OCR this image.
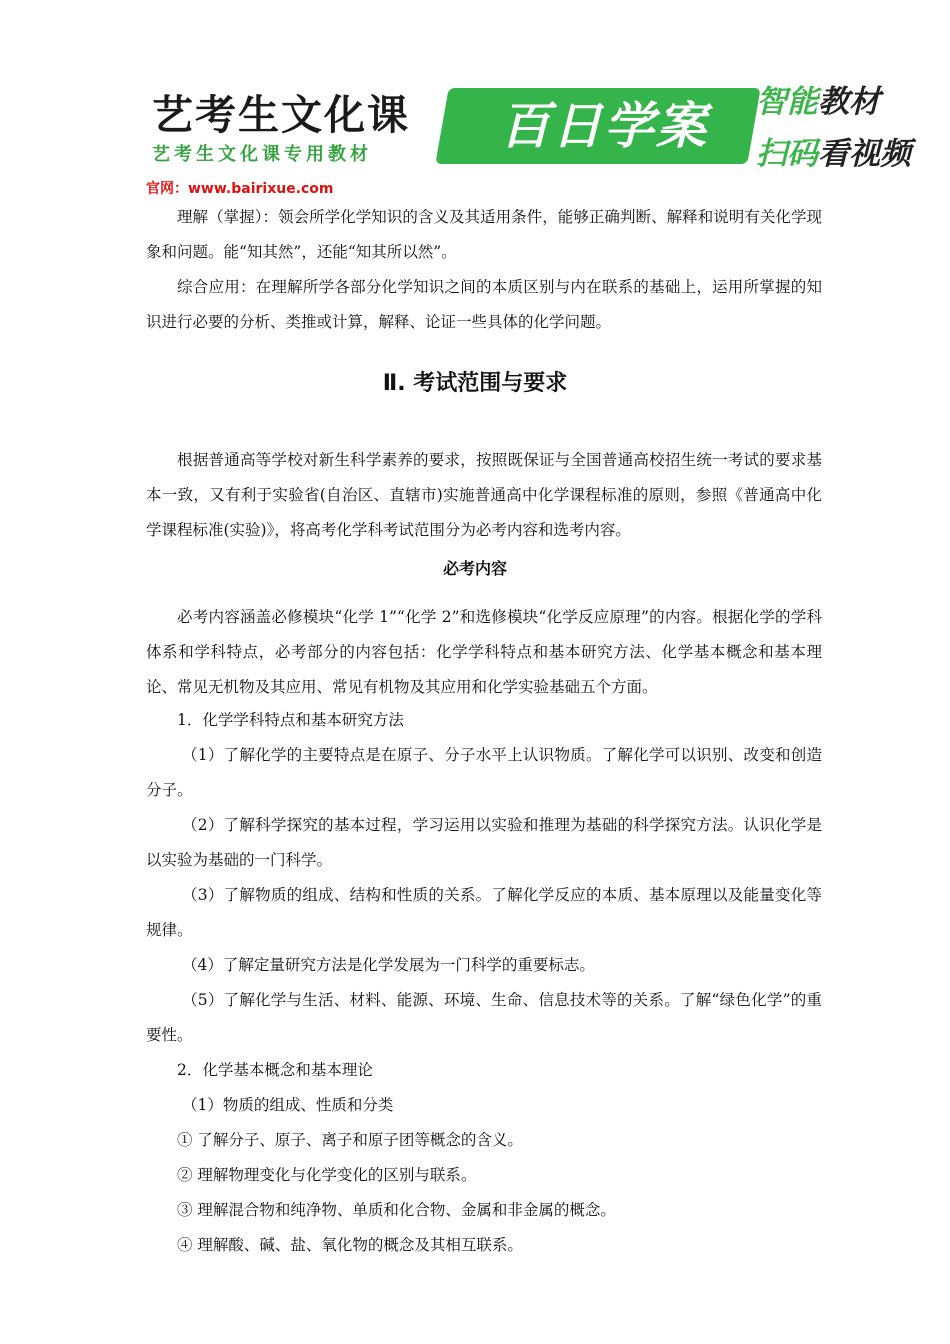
艺考生文化课
艺考生文化课专用教材	百日学案	智能教材
扫码看视频
官网：www.bairixue.com

理解（掌握）：领会所学化学知识的含义及其适用条件，能够正确判断、解释和说明有关化学现象和问题。能“知其然”，还能“知其所以然”。

综合应用：在理解所学各部分化学知识之间的本质区别与内在联系的基础上，运用所掌握的知识进行必要的分析、类推或计算，解释、论证一些具体的化学问题。

Ⅱ. 考试范围与要求

根据普通高等学校对新生科学素养的要求，按照既保证与全国普通高校招生统一考试的要求基本一致，又有利于实验省(自治区、直辖市)实施普通高中化学课程标准的原则，参照《普通高中化学课程标准(实验)》，将高考化学科考试范围分为必考内容和选考内容。

必考内容

必考内容涵盖必修模块“化学 1”“化学 2”和选修模块“化学反应原理”的内容。根据化学的学科体系和学科特点，必考部分的内容包括：化学学科特点和基本研究方法、化学基本概念和基本理论、常见无机物及其应用、常见有机物及其应用和化学实验基础五个方面。

1．化学学科特点和基本研究方法

（1）了解化学的主要特点是在原子、分子水平上认识物质。了解化学可以识别、改变和创造分子。

（2）了解科学探究的基本过程，学习运用以实验和推理为基础的科学探究方法。认识化学是以实验为基础的一门科学。

（3）了解物质的组成、结构和性质的关系。了解化学反应的本质、基本原理以及能量变化等规律。

（4）了解定量研究方法是化学发展为一门科学的重要标志。

（5）了解化学与生活、材料、能源、环境、生命、信息技术等的关系。了解“绿色化学”的重要性。

2．化学基本概念和基本理论

（1）物质的组成、性质和分类

① 了解分子、原子、离子和原子团等概念的含义。

② 理解物理变化与化学变化的区别与联系。

③ 理解混合物和纯净物、单质和化合物、金属和非金属的概念。

④ 理解酸、碱、盐、氧化物的概念及其相互联系。
